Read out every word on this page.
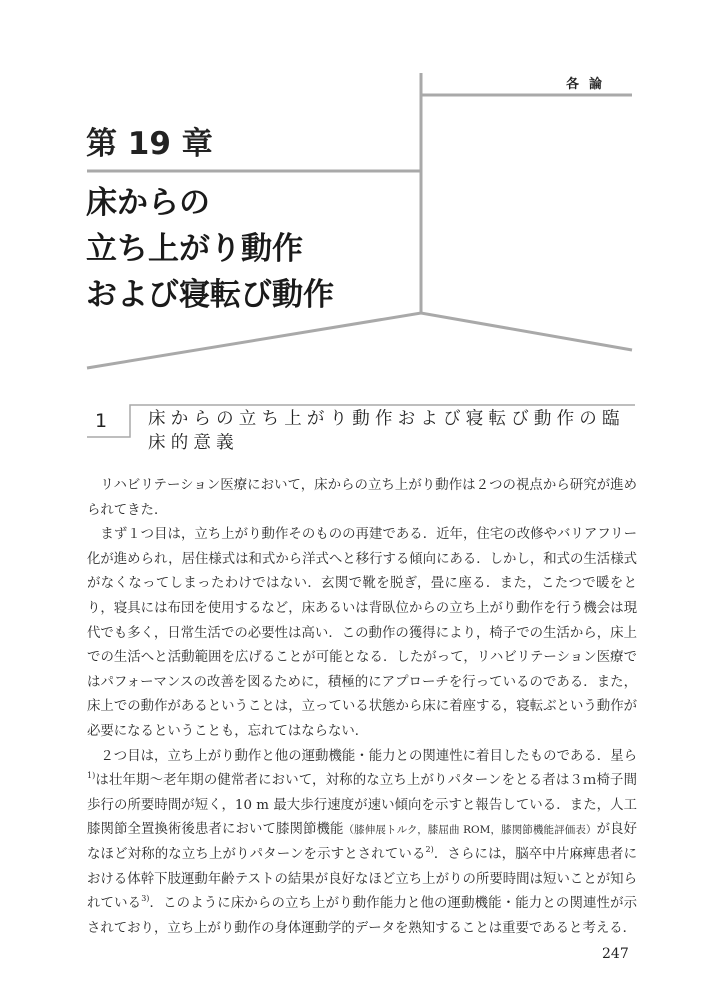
各論
第 19 章
床からの
立ち上がり動作
および寝転び動作
1 床からの立ち上がり動作および寝転び動作の臨床的意義

リハビリテーション医療において，床からの立ち上がり動作は２つの視点から研究が進められてきた．

まず１つ目は，立ち上がり動作そのものの再建である．近年，住宅の改修やバリアフリー化が進められ，居住様式は和式から洋式へと移行する傾向にある．しかし，和式の生活様式がなくなってしまったわけではない．玄関で靴を脱ぎ，畳に座る．また，こたつで暖をとり，寝具には布団を使用するなど，床あるいは背臥位からの立ち上がり動作を行う機会は現代でも多く，日常生活での必要性は高い．この動作の獲得により，椅子での生活から，床上での生活へと活動範囲を広げることが可能となる．したがって，リハビリテーション医療ではパフォーマンスの改善を図るために，積極的にアプローチを行っているのである．また，床上での動作があるということは，立っている状態から床に着座する，寝転ぶという動作が必要になるということも，忘れてはならない．

２つ目は，立ち上がり動作と他の運動機能・能力との関連性に着目したものである．星ら$^{1)}$は壮年期～老年期の健常者において，対称的な立ち上がりパターンをとる者は３ｍ椅子間歩行の所要時間が短く，10 m 最大歩行速度が速い傾向を示すと報告している．また，人工膝関節全置換術後患者において膝関節機能（膝伸展トルク，膝屈曲 ROM，膝関節機能評価表）が良好なほど対称的な立ち上がりパターンを示すとされている$^{2)}$．さらには，脳卒中片麻痺患者における体幹下肢運動年齢テストの結果が良好なほど立ち上がりの所要時間は短いことが知られている$^{3)}$．このように床からの立ち上がり動作能力と他の運動機能・能力との関連性が示されており，立ち上がり動作の身体運動学的データを熟知することは重要であると考える．

247
